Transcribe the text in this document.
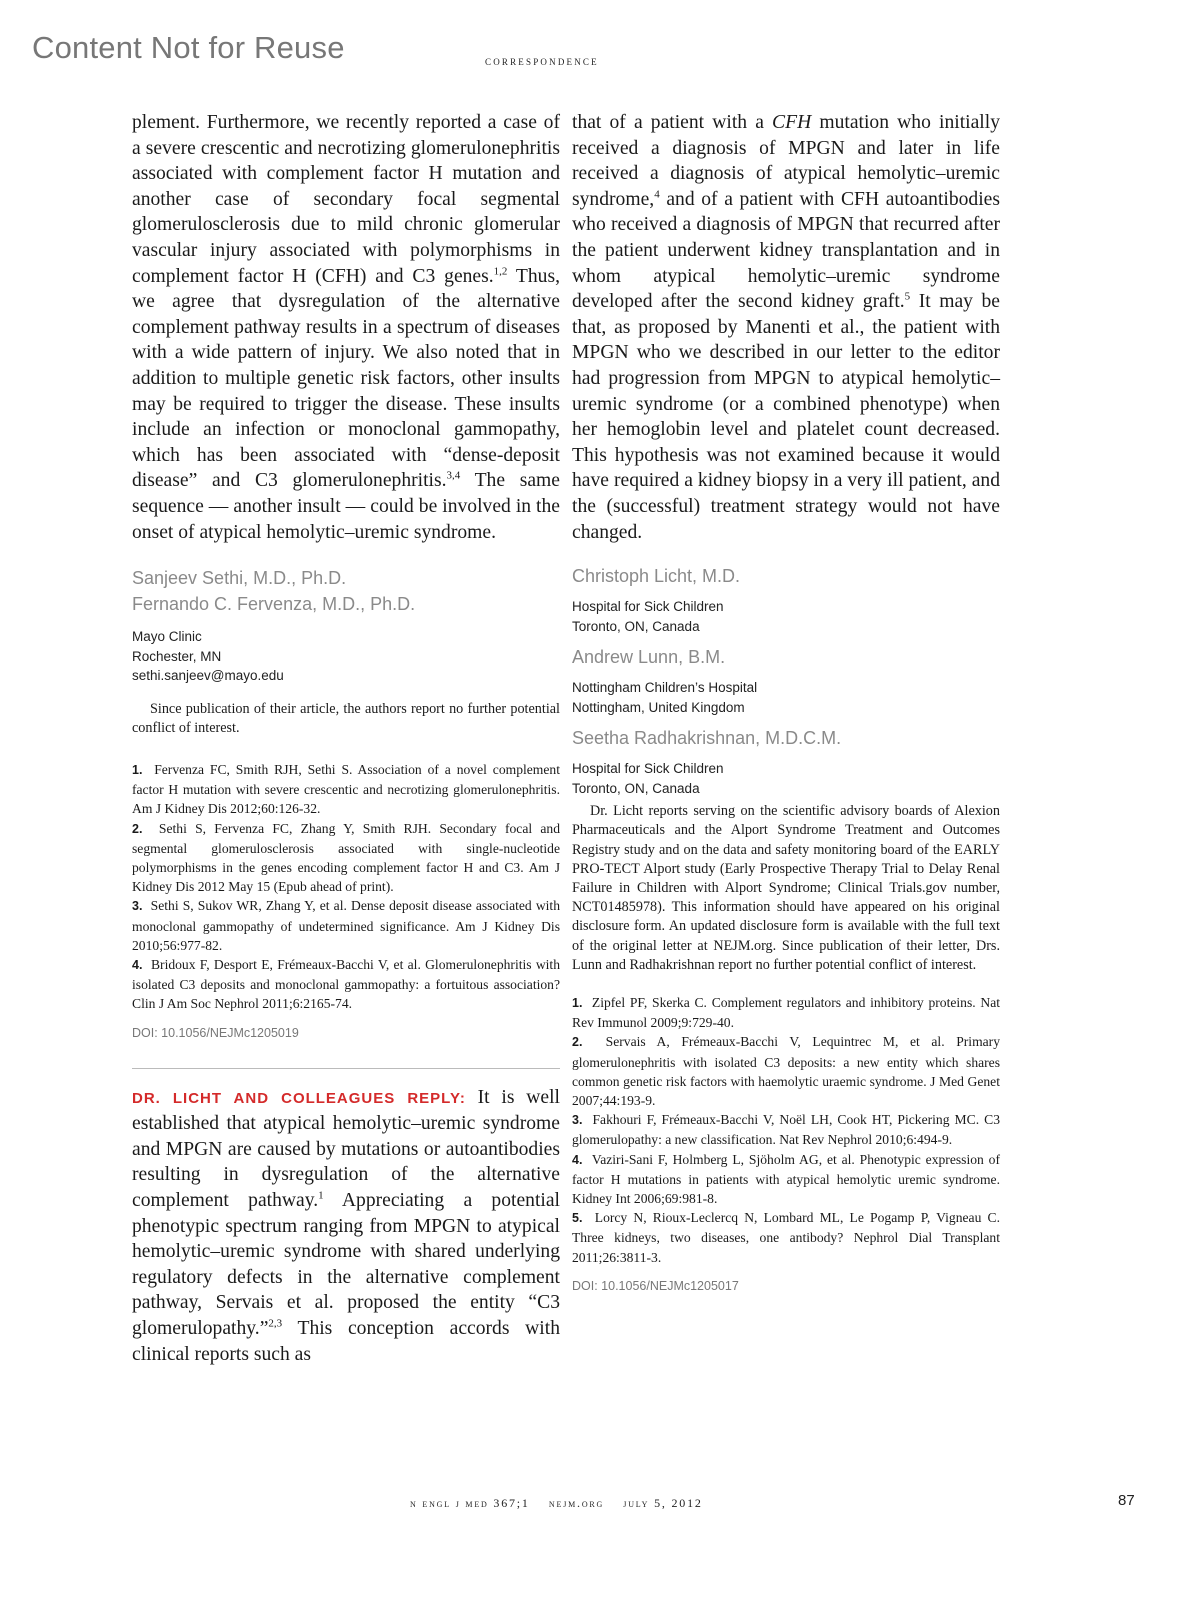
Content Not for Reuse	correspondence

plement. Furthermore, we recently reported a case of a severe crescentic and necrotizing glomerulonephritis associated with complement factor H mutation and another case of secondary focal segmental glomerulosclerosis due to mild chronic glomerular vascular injury associated with polymorphisms in complement factor H (CFH) and C3 genes.$^{1,2}$ Thus, we agree that dysregulation of the alternative complement pathway results in a spectrum of diseases with a wide pattern of injury. We also noted that in addition to multiple genetic risk factors, other insults may be required to trigger the disease. These insults include an infection or monoclonal gammopathy, which has been associated with “dense-deposit disease” and C3 glomerulonephritis.$^{3,4}$ The same sequence — another insult — could be involved in the onset of atypical hemolytic–uremic syndrome.

Sanjeev Sethi, M.D., Ph.D.

Fernando C. Fervenza, M.D., Ph.D.

Mayo Clinic

Rochester, MN

sethi.sanjeev@mayo.edu

Since publication of their article, the authors report no further potential conflict of interest.

1. Fervenza FC, Smith RJH, Sethi S. Association of a novel complement factor H mutation with severe crescentic and necrotizing glomerulonephritis. Am J Kidney Dis 2012;60:126-32.
2. Sethi S, Fervenza FC, Zhang Y, Smith RJH. Secondary focal and segmental glomerulosclerosis associated with single-nucleotide polymorphisms in the genes encoding complement factor H and C3. Am J Kidney Dis 2012 May 15 (Epub ahead of print).
3. Sethi S, Sukov WR, Zhang Y, et al. Dense deposit disease associated with monoclonal gammopathy of undetermined significance. Am J Kidney Dis 2010;56:977-82.
4. Bridoux F, Desport E, Frémeaux-Bacchi V, et al. Glomerulonephritis with isolated C3 deposits and monoclonal gammopathy: a fortuitous association? Clin J Am Soc Nephrol 2011;6:2165-74.

DOI: 10.1056/NEJMc1205019

DR. LICHT AND COLLEAGUES REPLY: It is well established that atypical hemolytic–uremic syndrome and MPGN are caused by mutations or autoantibodies resulting in dysregulation of the alternative complement pathway.$^1$ Appreciating a potential phenotypic spectrum ranging from MPGN to atypical hemolytic–uremic syndrome with shared underlying regulatory defects in the alternative complement pathway, Servais et al. proposed the entity “C3 glomerulopathy.”$^{2,3}$ This conception accords with clinical reports such as

that of a patient with a CFH mutation who initially received a diagnosis of MPGN and later in life received a diagnosis of atypical hemolytic–uremic syndrome,$^4$ and of a patient with CFH autoantibodies who received a diagnosis of MPGN that recurred after the patient underwent kidney transplantation and in whom atypical hemolytic–uremic syndrome developed after the second kidney graft.$^5$ It may be that, as proposed by Manenti et al., the patient with MPGN who we described in our letter to the editor had progression from MPGN to atypical hemolytic–uremic syndrome (or a combined phenotype) when her hemoglobin level and platelet count decreased. This hypothesis was not examined because it would have required a kidney biopsy in a very ill patient, and the (successful) treatment strategy would not have changed.

Christoph Licht, M.D.

Hospital for Sick Children

Toronto, ON, Canada

Andrew Lunn, B.M.

Nottingham Children’s Hospital

Nottingham, United Kingdom

Seetha Radhakrishnan, M.D.C.M.

Hospital for Sick Children

Toronto, ON, Canada

Dr. Licht reports serving on the scientific advisory boards of Alexion Pharmaceuticals and the Alport Syndrome Treatment and Outcomes Registry study and on the data and safety monitoring board of the EARLY PRO-TECT Alport study (Early Prospective Therapy Trial to Delay Renal Failure in Children with Alport Syndrome; Clinical Trials.gov number, NCT01485978). This information should have appeared on his original disclosure form. An updated disclosure form is available with the full text of the original letter at NEJM.org. Since publication of their letter, Drs. Lunn and Radhakrishnan report no further potential conflict of interest.

1. Zipfel PF, Skerka C. Complement regulators and inhibitory proteins. Nat Rev Immunol 2009;9:729-40.
2. Servais A, Frémeaux-Bacchi V, Lequintrec M, et al. Primary glomerulonephritis with isolated C3 deposits: a new entity which shares common genetic risk factors with haemolytic uraemic syndrome. J Med Genet 2007;44:193-9.
3. Fakhouri F, Frémeaux-Bacchi V, Noël LH, Cook HT, Pickering MC. C3 glomerulopathy: a new classification. Nat Rev Nephrol 2010;6:494-9.
4. Vaziri-Sani F, Holmberg L, Sjöholm AG, et al. Phenotypic expression of factor H mutations in patients with atypical hemolytic uremic syndrome. Kidney Int 2006;69:981-8.
5. Lorcy N, Rioux-Leclercq N, Lombard ML, Le Pogamp P, Vigneau C. Three kidneys, two diseases, one antibody? Nephrol Dial Transplant 2011;26:3811-3.

DOI: 10.1056/NEJMc1205017

n engl j med 367;1    nejm.org    july 5, 2012	87
